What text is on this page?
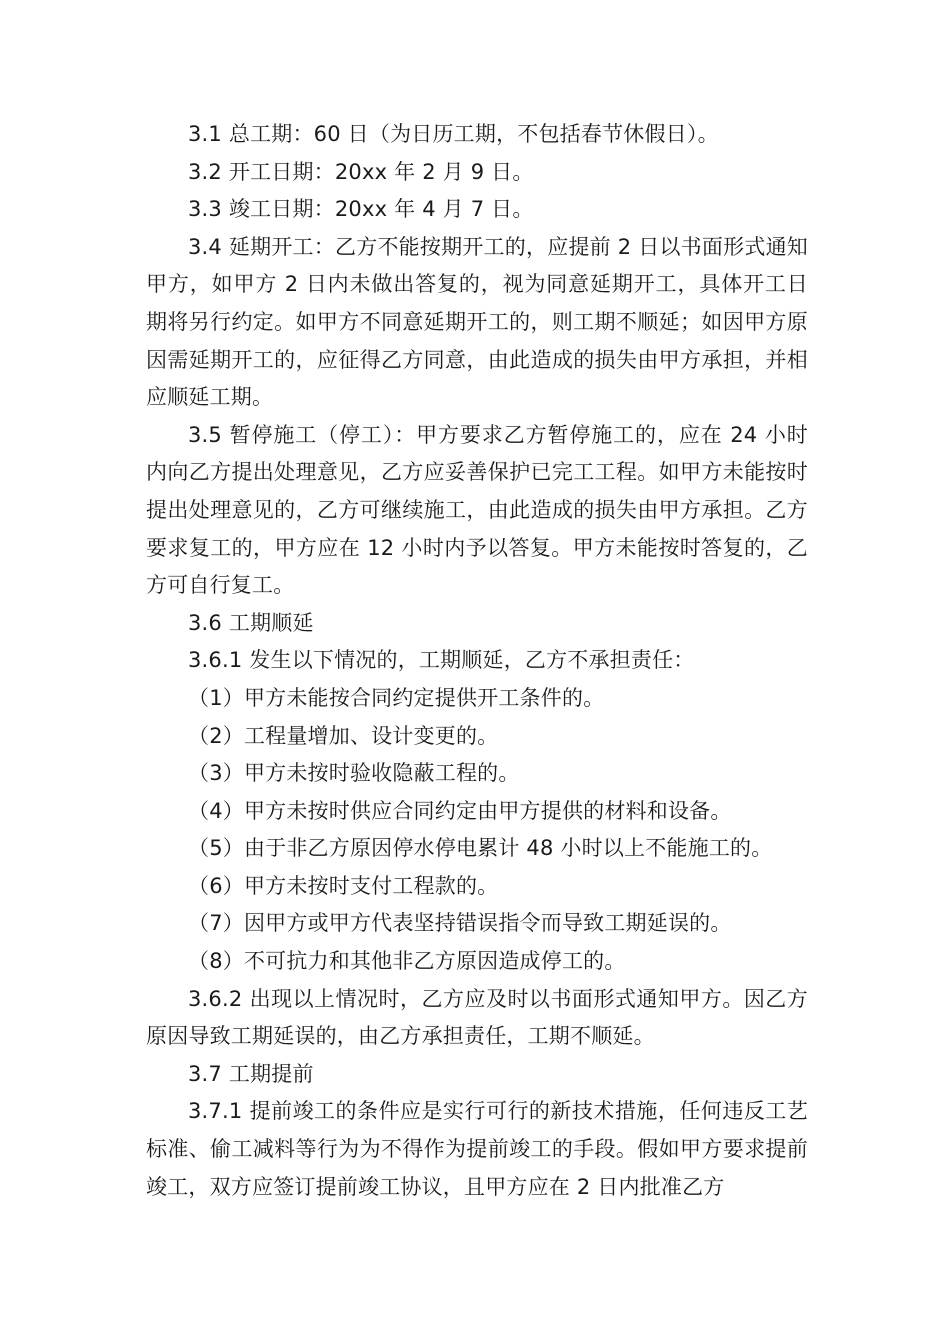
3.1 总工期：60 日（为日历工期，不包括春节休假日）。

3.2 开工日期：20xx 年 2 月 9 日。

3.3 竣工日期：20xx 年 4 月 7 日。

3.4 延期开工：乙方不能按期开工的，应提前 2 日以书面形式通知甲方，如甲方 2 日内未做出答复的，视为同意延期开工，具体开工日期将另行约定。如甲方不同意延期开工的，则工期不顺延；如因甲方原因需延期开工的，应征得乙方同意，由此造成的损失由甲方承担，并相应顺延工期。

3.5 暂停施工（停工）：甲方要求乙方暂停施工的，应在 24 小时内向乙方提出处理意见，乙方应妥善保护已完工工程。如甲方未能按时提出处理意见的，乙方可继续施工，由此造成的损失由甲方承担。乙方要求复工的，甲方应在 12 小时内予以答复。甲方未能按时答复的，乙方可自行复工。

3.6 工期顺延

3.6.1 发生以下情况的，工期顺延，乙方不承担责任：

（1）甲方未能按合同约定提供开工条件的。

（2）工程量增加、设计变更的。

（3）甲方未按时验收隐蔽工程的。

（4）甲方未按时供应合同约定由甲方提供的材料和设备。

（5）由于非乙方原因停水停电累计 48 小时以上不能施工的。

（6）甲方未按时支付工程款的。

（7）因甲方或甲方代表坚持错误指令而导致工期延误的。

（8）不可抗力和其他非乙方原因造成停工的。

3.6.2 出现以上情况时，乙方应及时以书面形式通知甲方。因乙方原因导致工期延误的，由乙方承担责任，工期不顺延。

3.7 工期提前

3.7.1 提前竣工的条件应是实行可行的新技术措施，任何违反工艺标准、偷工减料等行为为不得作为提前竣工的手段。假如甲方要求提前竣工，双方应签订提前竣工协议，且甲方应在 2 日内批准乙方
